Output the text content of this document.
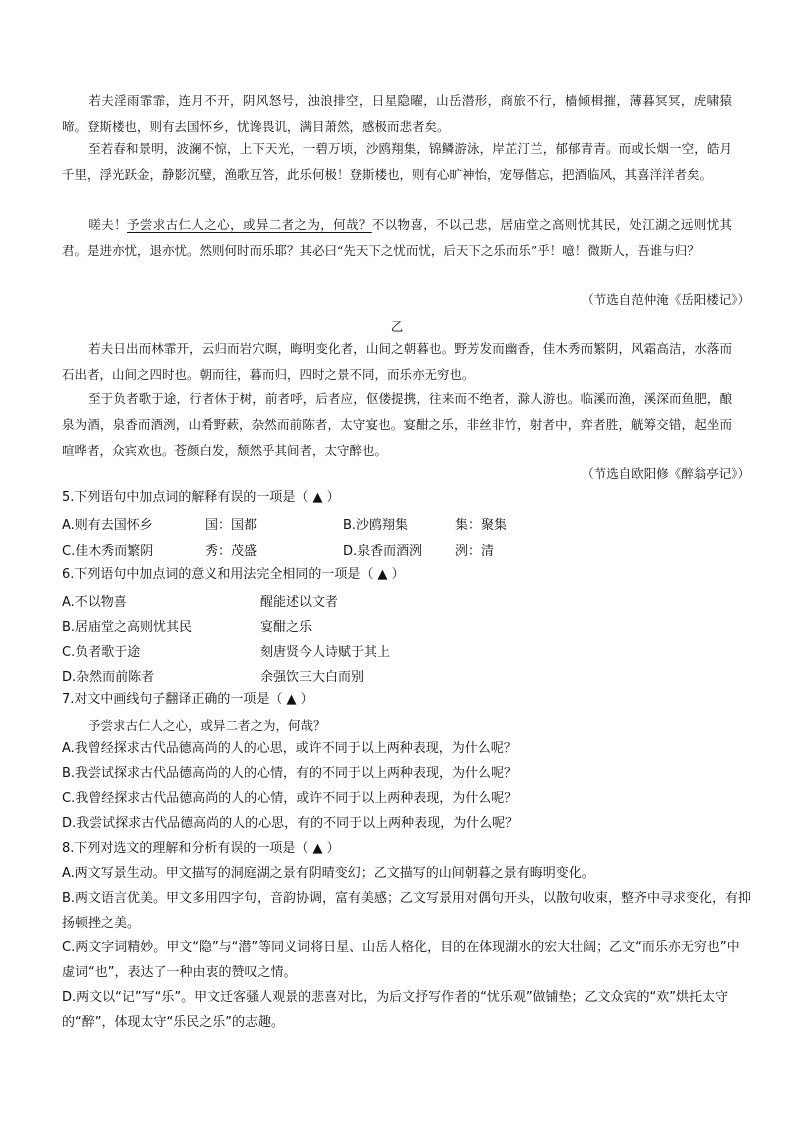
若夫淫雨霏霏，连月不开，阴风怒号，浊浪排空，日星隐曜，山岳潜形，商旅不行，樯倾楫摧，薄暮冥冥，虎啸猿啼。登斯楼也，则有去国怀乡，忧谗畏讥，满目萧然，感极而悲者矣。

至若春和景明，波澜不惊，上下天光，一碧万顷，沙鸥翔集，锦鳞游泳，岸芷汀兰，郁郁青青。而或长烟一空，皓月千里，浮光跃金，静影沉璧，渔歌互答，此乐何极！登斯楼也，则有心旷神怡，宠辱偕忘，把酒临风，其喜洋洋者矣。

嗟夫！予尝求古仁人之心，或异二者之为，何哉？不以物喜，不以己悲，居庙堂之高则忧其民，处江湖之远则忧其君。是进亦忧，退亦忧。然则何时而乐耶？其必曰“先天下之忧而忧，后天下之乐而乐”乎！噫！微斯人，吾谁与归？

（节选自范仲淹《岳阳楼记》）
乙

若夫日出而林霏开，云归而岩穴暝，晦明变化者，山间之朝暮也。野芳发而幽香，佳木秀而繁阴，风霜高洁，水落而石出者，山间之四时也。朝而往，暮而归，四时之景不同，而乐亦无穷也。

至于负者歌于途，行者休于树，前者呼，后者应，伛偻提携，往来而不绝者，滁人游也。临溪而渔，溪深而鱼肥，酿泉为酒，泉香而酒洌，山肴野蔌，杂然而前陈者，太守宴也。宴酣之乐，非丝非竹，射者中，弈者胜，觥筹交错，起坐而喧哗者，众宾欢也。苍颜白发，颓然乎其间者，太守醉也。

（节选自欧阳修《醉翁亭记》）
5.下列语句中加点词的解释有误的一项是（ ▲ ）
A.则有去国怀乡	国：国都	B.沙鸥翔集	集：聚集
C.佳木秀而繁阴	秀：茂盛	D.泉香而酒洌	洌：清
6.下列语句中加点词的意义和用法完全相同的一项是（ ▲ ）
A.不以物喜	醒能述以文者
B.居庙堂之高则忧其民	宴酣之乐
C.负者歌于途	刻唐贤今人诗赋于其上
D.杂然而前陈者	余强饮三大白而别
7.对文中画线句子翻译正确的一项是（ ▲ ）
予尝求古仁人之心，或异二者之为，何哉？
A.我曾经探求古代品德高尚的人的心思，或许不同于以上两种表现，为什么呢？
B.我尝试探求古代品德高尚的人的心情，有的不同于以上两种表现，为什么呢？
C.我曾经探求古代品德高尚的人的心情，或许不同于以上两种表现，为什么呢？
D.我尝试探求古代品德高尚的人的心思，有的不同于以上两种表现，为什么呢？
8.下列对选文的理解和分析有误的一项是（ ▲ ）
A.两文写景生动。甲文描写的洞庭湖之景有阴晴变幻；乙文描写的山间朝暮之景有晦明变化。
B.两文语言优美。甲文多用四字句，音韵协调，富有美感；乙文写景用对偶句开头，以散句收束，整齐中寻求变化，有抑扬顿挫之美。
C.两文字词精妙。甲文“隐”与“潜”等同义词将日星、山岳人格化，目的在体现湖水的宏大壮阔；乙文“而乐亦无穷也”中虚词“也”，表达了一种由衷的赞叹之情。
D.两文以“记”写“乐”。甲文迁客骚人观景的悲喜对比，为后文抒写作者的“忧乐观”做铺垫；乙文众宾的“欢”烘托太守的“醉”，体现太守“乐民之乐”的志趣。
